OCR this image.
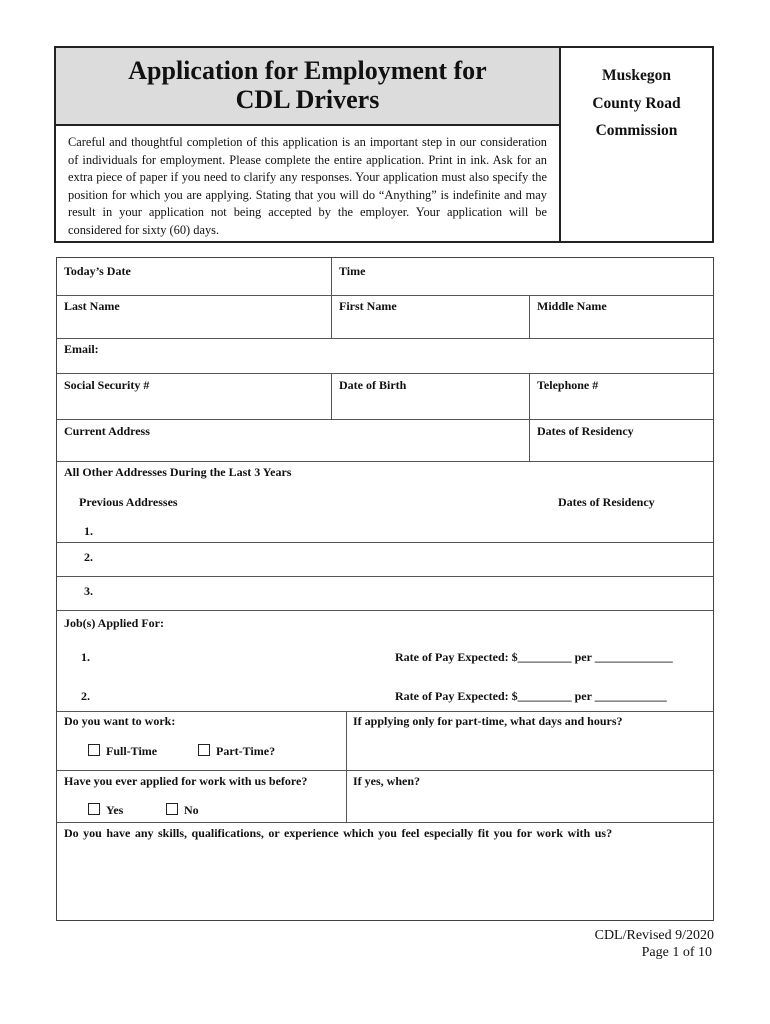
Application for Employment for
CDL Drivers
Careful and thoughtful completion of this application is an important step in our consideration of individuals for employment. Please complete the entire application. Print in ink. Ask for an extra piece of paper if you need to clarify any responses. Your application must also specify the position for which you are applying. Stating that you will do “Anything” is indefinite and may result in your application not being accepted by the employer. Your application will be considered for sixty (60) days.
Muskegon
County Road
Commission
Today’s Date	Time
Last Name	First Name	Middle Name
Email:
Social Security #	Date of Birth	Telephone #
Current Address	Dates of Residency
All Other Addresses During the Last 3 Years
Previous Addresses	Dates of Residency
1.
2.
3.
Job(s) Applied For:
1.	Rate of Pay Expected: $_________ per _____________
2.	Rate of Pay Expected: $_________ per ____________
Do you want to work:
Full-Time	Part-Time?
If applying only for part-time, what days and hours?
Have you ever applied for work with us before?
Yes	No
If yes, when?
Do you have any skills, qualifications, or experience which you feel especially fit you for work with us?
CDL/Revised 9/2020
Page 1 of 10
